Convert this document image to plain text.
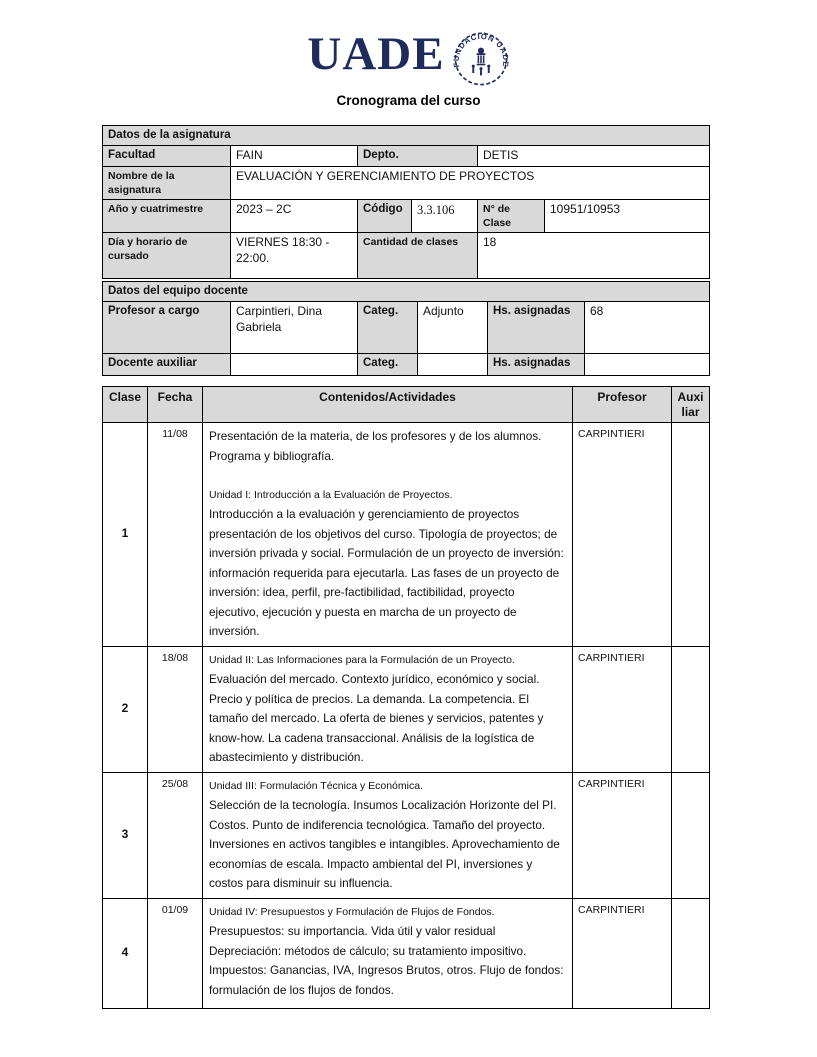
UADE FUNDACIÓN UADE
Cronograma del curso
Datos de la asignatura					
Facultad	FAIN	Depto.		DETIS	
Nombre de la asignatura	EVALUACIÓN Y GERENCIAMIENTO DE PROYECTOS				
Año y cuatrimestre	2023 – 2C	Código	3.3.106	N° de Clase	10951/10953
Día y horario de cursado	VIERNES 18:30 - 22:00.	Cantidad de clases		18	
Datos del equipo docente					
Profesor a cargo	Carpintieri, Dina Gabriela	Categ.	Adjunto	Hs. asignadas	68
Docente auxiliar		Categ.		Hs. asignadas	
Clase	Fecha	Contenidos/Actividades	Profesor	Auxiliar
1	11/08	Presentación de la materia, de los profesores y de los alumnos. Programa y bibliografía.

Unidad I: Introducción a la Evaluación de Proyectos.

Introducción a la evaluación y gerenciamiento de proyectos presentación de los objetivos del curso. Tipología de proyectos; de inversión privada y social. Formulación de un proyecto de inversión: información requerida para ejecutarla. Las fases de un proyecto de inversión: idea, perfil, pre-factibilidad, factibilidad, proyecto ejecutivo, ejecución y puesta en marcha de un proyecto de inversión.	CARPINTIERI	
2	18/08	Unidad II: Las Informaciones para la Formulación de un Proyecto.

Evaluación del mercado. Contexto jurídico, económico y social. Precio y política de precios. La demanda. La competencia. El tamaño del mercado. La oferta de bienes y servicios, patentes y know-how. La cadena transaccional. Análisis de la logística de abastecimiento y distribución.	CARPINTIERI	
3	25/08	Unidad III: Formulación Técnica y Económica.

Selección de la tecnología. Insumos Localización Horizonte del PI. Costos. Punto de indiferencia tecnológica. Tamaño del proyecto. Inversiones en activos tangibles e intangibles. Aprovechamiento de economías de escala. Impacto ambiental del PI, inversiones y costos para disminuir su influencia.	CARPINTIERI	
4	01/09	Unidad IV: Presupuestos y Formulación de Flujos de Fondos.

Presupuestos: su importancia. Vida útil y valor residual Depreciación: métodos de cálculo; su tratamiento impositivo. Impuestos: Ganancias, IVA, Ingresos Brutos, otros. Flujo de fondos: formulación de los flujos de fondos.	CARPINTIERI	
